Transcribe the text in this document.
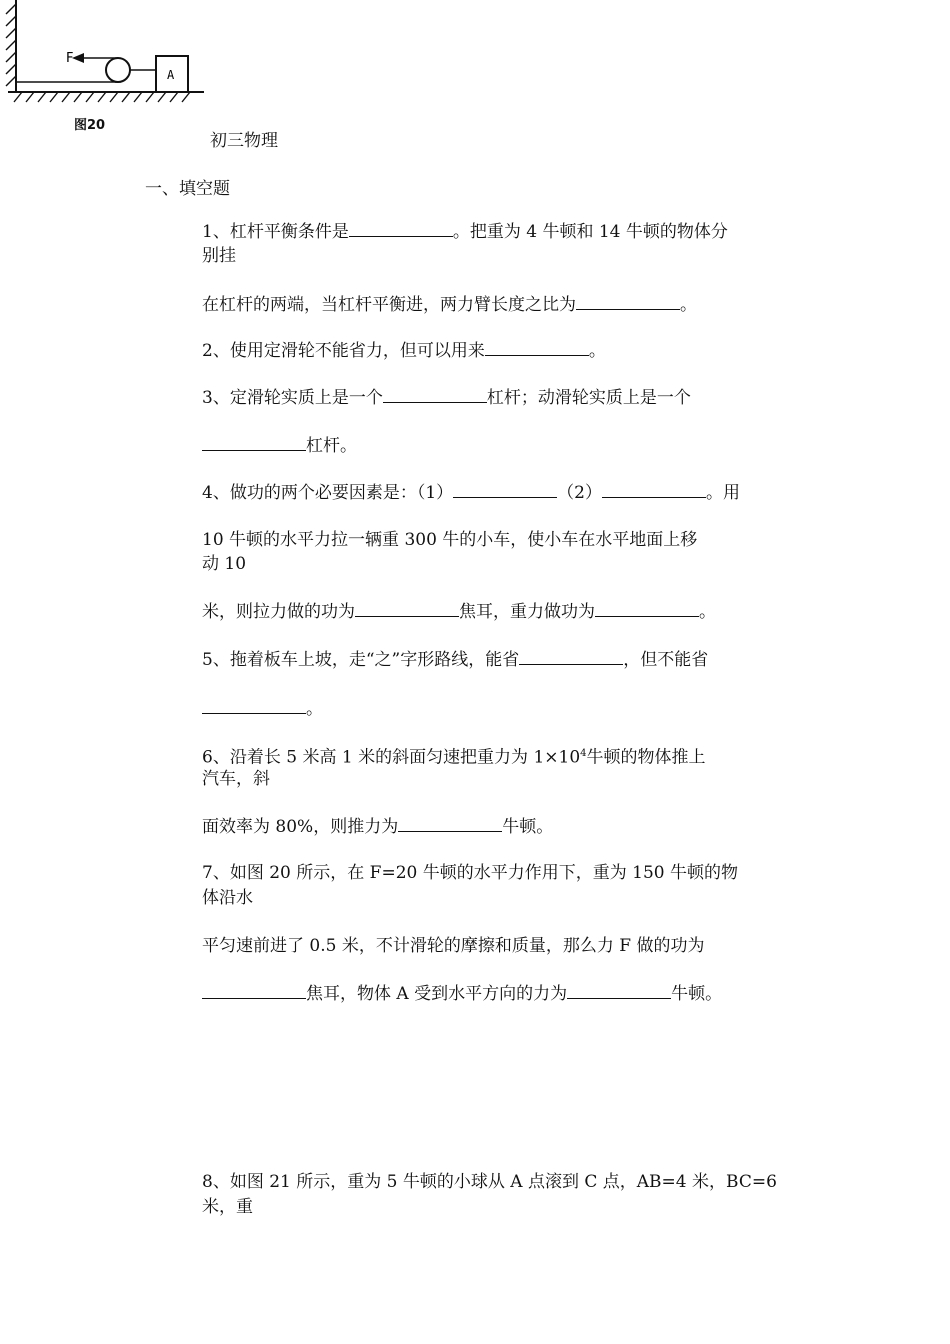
F
A
图20
初三物理
一、填空题
1、杠杆平衡条件是	。把重为 4 牛顿和 14 牛顿的物体分
别挂
在杠杆的两端，当杠杆平衡进，两力臂长度之比为	。
2、使用定滑轮不能省力，但可以用来	。
3、定滑轮实质上是一个	杠杆；动滑轮实质上是一个
杠杆。
4、做功的两个必要因素是：（1）	（2）	。用
10 牛顿的水平力拉一辆重 300 牛的小车，使小车在水平地面上移
动 10
米，则拉力做的功为	焦耳，重力做功为	。
5、拖着板车上坡，走“之”字形路线，能省	，但不能省
。
6、沿着长 5 米高 1 米的斜面匀速把重力为 $1\times 10^4$牛顿的物体推上
汽车，斜
面效率为 80%，则推力为	牛顿。
7、如图 20 所示，在 F=20 牛顿的水平力作用下，重为 150 牛顿的物
体沿水
平匀速前进了 0.5 米，不计滑轮的摩擦和质量，那么力 F 做的功为
焦耳，物体 A 受到水平方向的力为	牛顿。
8、如图 21 所示，重为 5 牛顿的小球从 A 点滚到 C 点，AB=4 米，BC=6
米，重
